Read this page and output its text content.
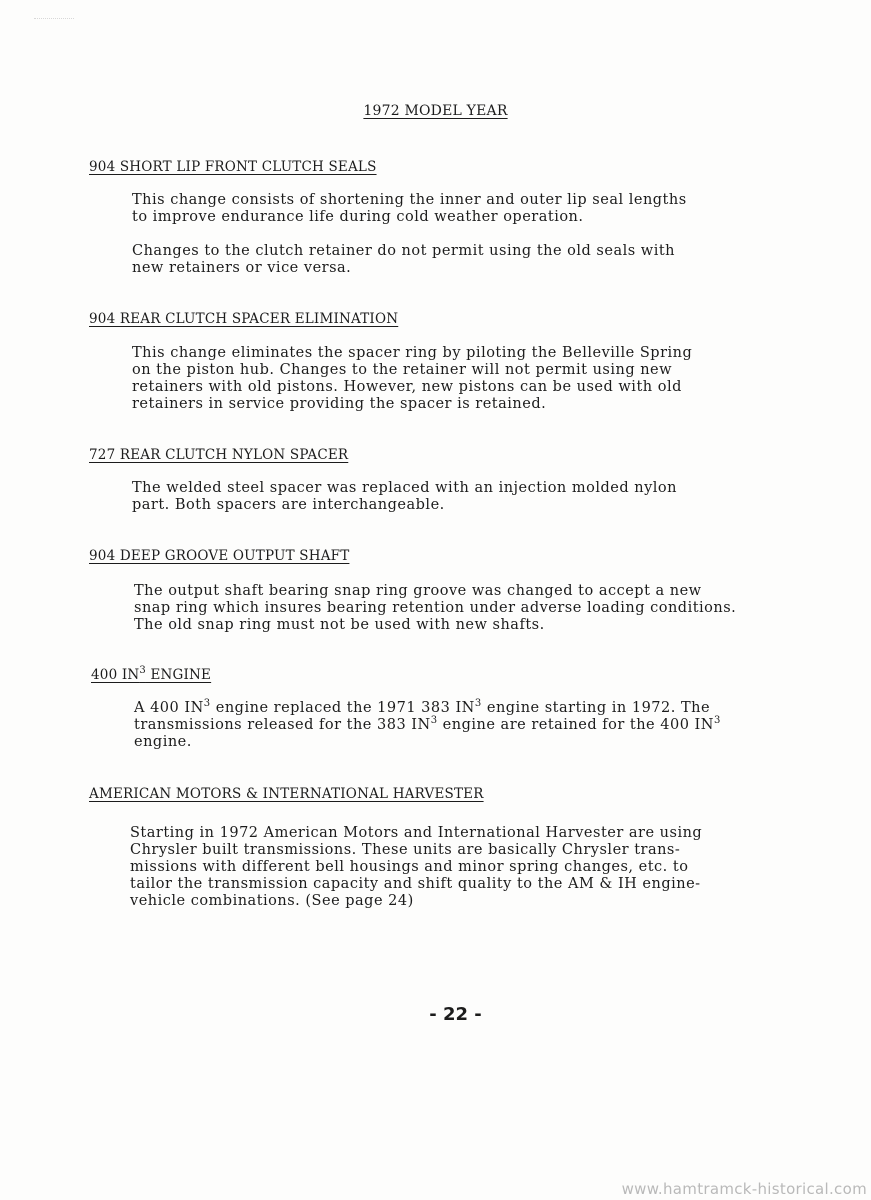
1972 MODEL YEAR
904 SHORT LIP FRONT CLUTCH SEALS
This change consists of shortening the inner and outer lip seal lengths
to improve endurance life during cold weather operation.
Changes to the clutch retainer do not permit using the old seals with
new retainers or vice versa.
904 REAR CLUTCH SPACER ELIMINATION
This change eliminates the spacer ring by piloting the Belleville Spring
on the piston hub. Changes to the retainer will not permit using new
retainers with old pistons. However, new pistons can be used with old
retainers in service providing the spacer is retained.
727 REAR CLUTCH NYLON SPACER
The welded steel spacer was replaced with an injection molded nylon
part. Both spacers are interchangeable.
904 DEEP GROOVE OUTPUT SHAFT
The output shaft bearing snap ring groove was changed to accept a new
snap ring which insures bearing retention under adverse loading conditions.
The old snap ring must not be used with new shafts.
400 $IN^3$ ENGINE
A 400 $IN^3$ engine replaced the 1971 383 $IN^3$ engine starting in 1972. The
transmissions released for the 383 $IN^3$ engine are retained for the 400 $IN^3$
engine.
AMERICAN MOTORS & INTERNATIONAL HARVESTER
Starting in 1972 American Motors and International Harvester are using
Chrysler built transmissions. These units are basically Chrysler trans-
missions with different bell housings and minor spring changes, etc. to
tailor the transmission capacity and shift quality to the AM & IH engine-
vehicle combinations. (See page 24)
- 22 -
www.hamtramck-historical.com
